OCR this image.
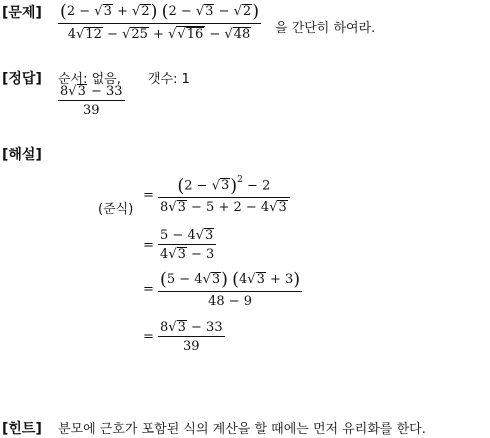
[문제] $\frac{(2 - √3 + √2) (2 - √3 - √2)}{4√12 - √25 + √√16 - √48}$ 을 간단히 하여라.
[정답] 순서: 없음, 갯수: 1
$\frac{8√3 - 33}{39}$
[해설]
(준식)
= $\frac{(2 - √3)^2 - 2}{8√3 - 5 + 2 - 4√3}$
= $\frac{5 - 4√3}{4√3 - 3}$
= $\frac{(5 - 4√3) (4√3 + 3)}{48 - 9}$
= $\frac{8√3 - 33}{39}$
[힌트] 분모에 근호가 포함된 식의 계산을 할 때에는 먼저 유리화를 한다.
